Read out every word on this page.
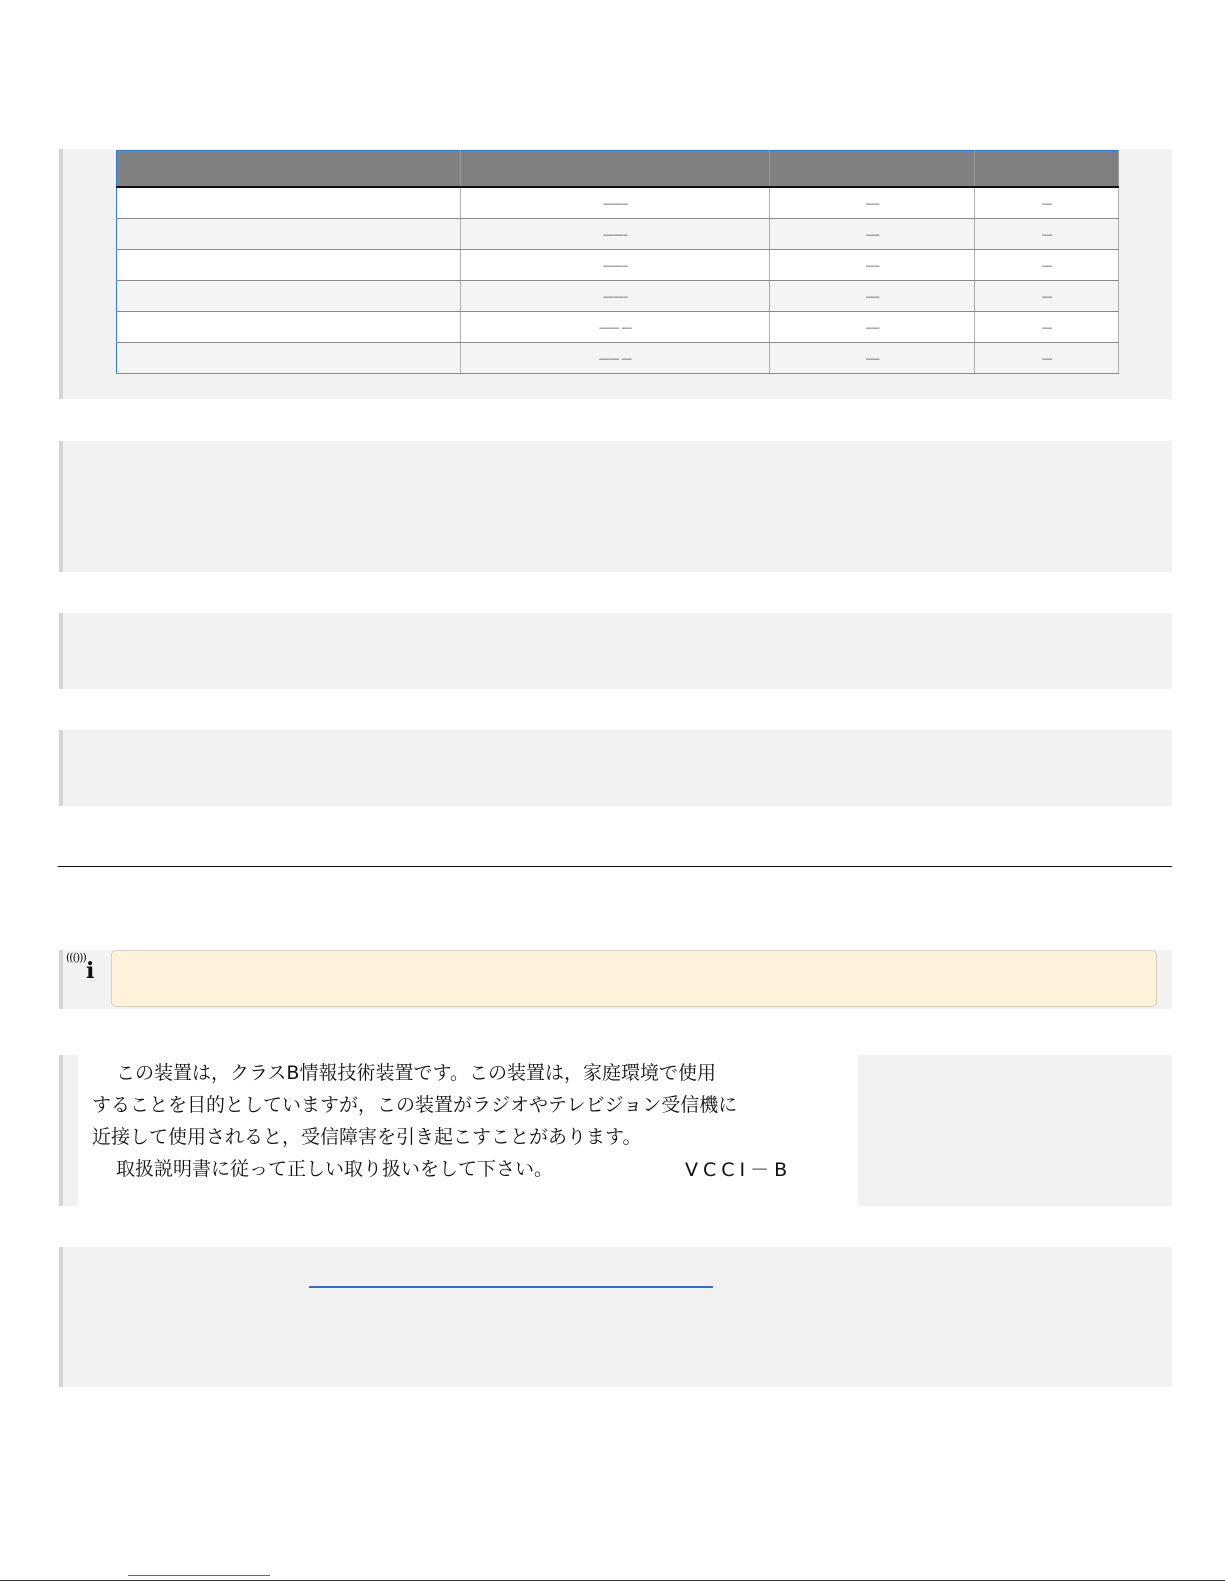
	——–	–––	—
	——–	–––	—
	——–	–––	—
	——–	–––	—
	—— —	–––	—
	—— —	–––	—
((()))
i
この装置は，クラスB情報技術装置です。この装置は，家庭環境で使用
することを目的としていますが，この装置がラジオやテレビジョン受信機に
近接して使用されると，受信障害を引き起こすことがあります。
取扱説明書に従って正しい取り扱いをして下さい。	VCCI－B
